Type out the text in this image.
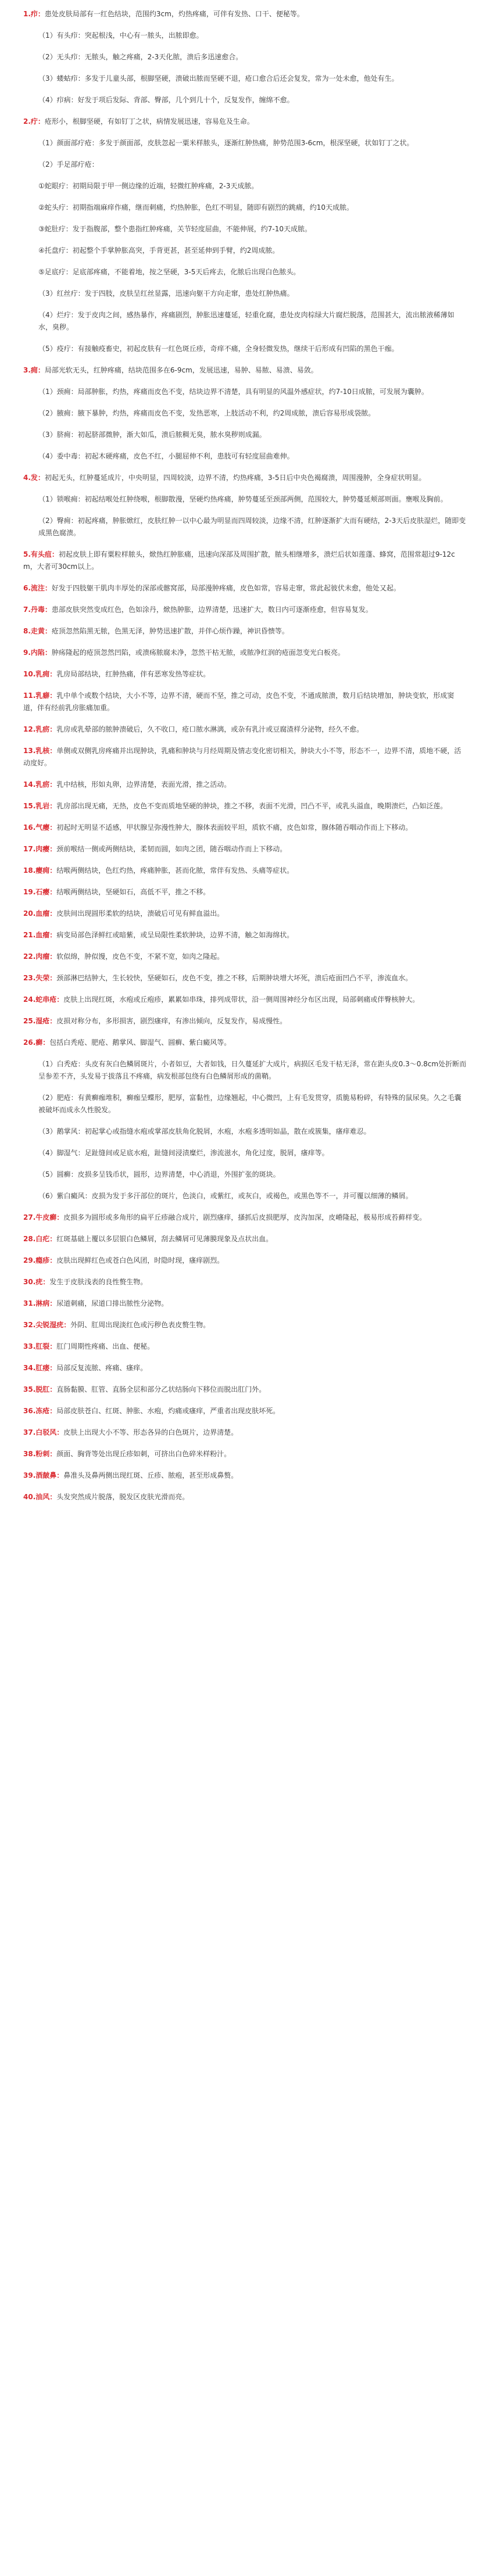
1.疖：患处皮肤局部有一红色结块，范围约3cm，灼热疼痛，可伴有发热、口干、便秘等。

（1）有头疖：突起根浅，中心有一脓头，出脓即愈。

（2）无头疖：无脓头，触之疼痛，2-3天化脓，溃后多迅速愈合。

（3）蝼蛄疖：多发于儿童头部，根脚坚硬，溃破出脓而坚硬不退，疮口愈合后还会复发，常为一处未愈，他处有生。

（4）疖病：好发于项后发际、背部、臀部，几个到几十个，反复发作，缠绵不愈。

2.疔：疮形小，根脚坚硬，有如钉丁之状，病情发展迅速，容易危及生命。

（1）颜面部疔疮：多发于颜面部，皮肤忽起一粟米样脓头，逐渐红肿热痛，肿势范围3-6cm，根深坚硬，状如钉丁之状。

（2）手足部疔疮：

①蛇眼疔：初期局限于甲一侧边缘的近端，轻微红肿疼痛，2-3天成脓。

②蛇头疔：初期指端麻痒作痛，继而刺痛，灼热肿胀，色红不明显，随即有剧烈的跳痛，约10天成脓。

③蛇肚疔：发于指腹部，整个患指红肿疼痛，关节轻度屈曲，不能伸展，约7-10天成脓。

④托盘疔：初起整个手掌肿胀高突，手背更甚，甚至延伸到手臂，约2周成脓。

⑤足底疔：足底部疼痛，不能着地，按之坚硬，3-5天后疼去，化脓后出现白色脓头。

（3）红丝疔：发于四肢，皮肤呈红丝显露，迅速向躯干方向走窜，患处红肿热痛。

（4）烂疔：发于皮肉之间，感热暴作，疼痛剧烈，肿胀迅速蔓延，轻重化腐，患处皮肉棕绿大片腐烂脱落，范围甚大，流出脓液稀薄如水，臭秽。

（5）疫疔：有接触疫畜史，初起皮肤有一红色斑丘疹，奇痒不痛，全身轻微发热，继续干后形成有凹陷的黑色干痂。

3.痈：局部光软无头，红肿疼痛，结块范围多在6-9cm，发展迅速，易肿、易脓、易溃、易敛。

（1）颈痈：局部肿胀，灼热，疼痛而皮色不变，结块边界不清楚，具有明显的风温外感症状，约7-10日成脓，可发展为囊肿。

（2）腋痈：腋下暴肿，灼热，疼痛而皮色不变，发热恶寒，上肢活动不利，约2周成脓，溃后容易形成袋脓。

（3）脐痈：初起脐部微肿，渐大如瓜，溃后脓稠无臭，脓水臭秽则成漏。

（4）委中毒：初起木硬疼痛，皮色不红，小腿屈伸不利，患肢可有轻度屈曲难伸。

4.发：初起无头，红肿蔓延成片，中央明显，四周较淡，边界不清，灼热疼痛，3-5日后中央色褐腐溃，周围漫肿，全身症状明显。

（1）锁喉痈：初起结喉处红肿绕喉，根脚散漫，坚硬灼热疼痛，肿势蔓延至颈部两侧，范围较大，肿势蔓延颊部则面。壅喉及胸前。

（2）臀痈：初起疼痛，肿胀焮红，皮肤红肿一以中心最为明显而四周较淡，边缘不清，红肿逐渐扩大而有硬结，2-3天后皮肤湿烂，随即变成黑色腐溃。

5.有头疽：初起皮肤上即有粟粒样脓头，焮热红肿胀痛，迅速向深部及周围扩散，脓头相继增多，溃烂后状如莲蓬、蜂窝，范围常超过9-12cm，大者可30cm以上。

6.流注：好发于四肢躯干肌肉丰厚处的深部或髂窝部，局部漫肿疼痛，皮色如常，容易走窜，常此起彼伏未愈，他处又起。

7.丹毒：患部皮肤突然变成红色，色如涂丹，焮热肿胀，边界清楚，迅速扩大，数日内可逐渐痊愈，但容易复发。

8.走黄：疮顶忽然陷黑无脓，色黑无泽，肿势迅速扩散，并伴心烦作躁，神识昏愦等。

9.内陷：肿疡隆起的疮顶忽然凹陷，或溃疡脓腐未净，忽然干枯无脓，或脓净红润的疮面忽变光白板亮。

10.乳痈：乳房局部结块，红肿热痛，伴有恶寒发热等症状。

11.乳癖：乳中单个或数个结块，大小不等，边界不清，硬而不坚，推之可动，皮色不变，不通成脓溃，数月后结块增加，肿块变软，形成窦道，伴有经前乳房胀痛加重。

12.乳疬：乳房或乳晕部的脓肿溃破后，久不收口，疮口脓水淋漓，或杂有乳汁或豆腐渣样分泌物，经久不愈。

13.乳核：单侧或双侧乳房疼痛并出现肿块，乳痛和肿块与月经周期及情志变化密切相关，肿块大小不等，形态不一，边界不清，质地不硬，活动度好。

14.乳疬：乳中结核，形如丸卵，边界清楚，表面光滑，推之活动。

15.乳岩：乳房部出现无痛，无热，皮色不变而质地坚硬的肿块，推之不移，表面不光滑，凹凸不平，或乳头溢血，晚期溃烂，凸如泛莲。

16.气瘿：初起时无明显不适感，甲状腺呈弥漫性肿大，腺体表面较平坦，质软不痛，皮色如常，腺体随吞咽动作而上下移动。

17.肉瘿：颈前喉结一侧或两侧结块，柔韧而圆，如肉之团，随吞咽动作而上下移动。

18.瘿痈：结喉两侧结块，色红灼热，疼痛肿胀，甚而化脓，常伴有发热、头痛等症状。

19.石瘿：结喉两侧结块，坚硬如石，高低不平，推之不移。

20.血瘤：皮肤间出现圆形柔软的结块，溃破后可见有鲜血溢出。

21.血瘤：病变局部色泽鲜红或暗紫，或呈局限性柔软肿块，边界不清，触之如海绵状。

22.肉瘤：软似绵，肿似馒，皮色不变，不紧不宽，如肉之隆起。

23.失荣：颈部淋巴结肿大，生长较快，坚硬如石，皮色不变，推之不移，后期肿块增大坏死，溃后疮面凹凸不平，渗流血水。

24.蛇串疮：皮肤上出现红斑，水疱或丘疱疹，累累如串珠，排列成带状，沿一侧周围神经分布区出现，局部刺痛或伴臀核肿大。

25.湿疮：皮损对称分布，多形损害，剧烈瘙痒，有渗出倾向，反复发作，易成慢性。

26.癣：包括白秃疮、肥疮、鹅掌风、脚湿气、圆癣、紫白癜风等。

（1）白秃疮：头皮有灰白色鳞屑斑片，小者如豆，大者如钱，日久蔓延扩大成片，病损区毛发干枯无泽，常在距头皮0.3～0.8cm处折断而呈参差不齐，头发易于拔落且不疼痛，病发根部包绕有白色鳞屑形成的菌鞘。

（2）肥疮：有黄癣痂堆积，癣痂呈蝶形，肥厚，富黏性，边缘翘起，中心微凹，上有毛发贯穿，质脆易粉碎，有特殊的鼠尿臭。久之毛囊被破坏而成永久性脱发。

（3）鹅掌风：初起掌心或指缝水疱或掌部皮肤角化脱屑，水疱，水疱多透明如晶，散在或簇集，瘙痒难忍。

（4）脚湿气：足趾缝间或足底水疱，趾缝间浸渍糜烂，渗流滋水，角化过度，脱屑，瘙痒等。

（5）圆癣：皮损多呈钱币状，圆形，边界清楚，中心消退，外围扩张的斑块。

（6）紫白癜风：皮损为发于多汗部位的斑片，色淡白，或紫红，或灰白，或褐色，或黑色等不一，并可覆以细薄的鳞屑。

27.牛皮癣：皮损多为圆形或多角形的扁平丘疹融合成片，剧烈瘙痒，搔抓后皮损肥厚，皮沟加深，皮嵴隆起，极易形成苔藓样变。

28.白疕：红斑基础上覆以多层银白色鳞屑，刮去鳞屑可见薄膜现象及点状出血。

29.瘾疹：皮肤出现鲜红色或苍白色风团，时隐时现，瘙痒剧烈。

30.疣：发生于皮肤浅表的良性赘生物。

31.淋病：尿道刺痛，尿道口排出脓性分泌物。

32.尖锐湿疣：外阴、肛周出现淡红色或污秽色表皮赘生物。

33.肛裂：肛门周期性疼痛、出血、便秘。

34.肛瘘：局部反复流脓、疼痛、瘙痒。

35.脱肛：直肠黏膜、肛管、直肠全层和部分乙状结肠向下移位而脱出肛门外。

36.冻疮：局部皮肤苍白、红斑、肿胀、水疱，灼痛或瘙痒，严重者出现皮肤坏死。

37.白驳风：皮肤上出现大小不等、形态各异的白色斑片，边界清楚。

38.粉刺：颜面、胸背等处出现丘疹如刺，可挤出白色碎米样粉汁。

39.酒皶鼻：鼻准头及鼻两侧出现红斑、丘疹、脓疱，甚至形成鼻赘。

40.油风：头发突然成片脱落，脱发区皮肤光滑而亮。
